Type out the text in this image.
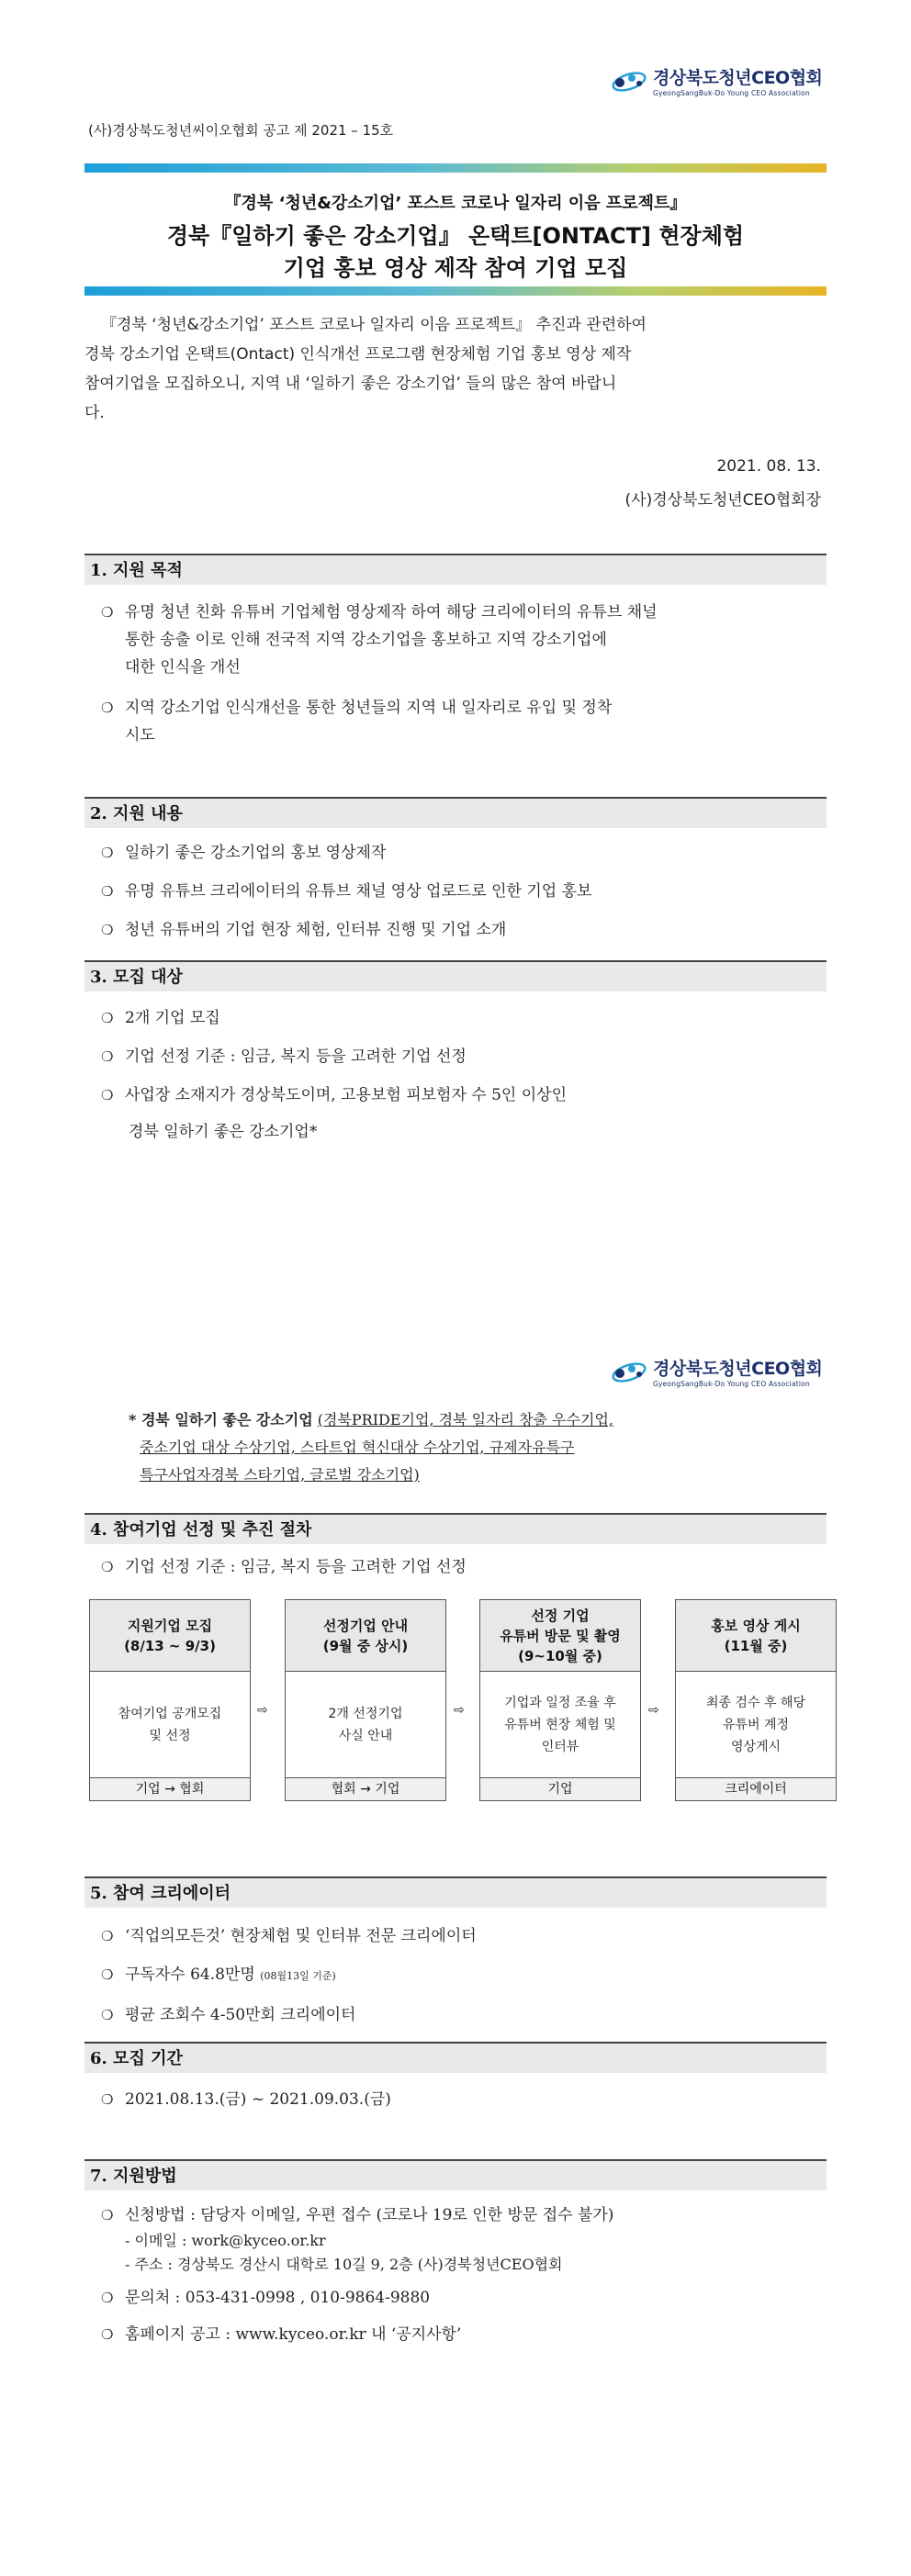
경상북도청년CEO협회
GyeongSangBuk-Do Young CEO Association
(사)경상북도청년씨이오협회 공고 제 2021 – 15호
『경북 ‘청년&강소기업’ 포스트 코로나 일자리 이음 프로젝트』
경북『일하기 좋은 강소기업』 온택트[ONTACT] 현장체험
기업 홍보 영상 제작 참여 기업 모집
『경북 ‘청년&강소기업’ 포스트 코로나 일자리 이음 프로젝트』 추진과 관련하여
경북 강소기업 온택트(Ontact) 인식개선 프로그램 현장체험 기업 홍보 영상 제작
참여기업을 모집하오니, 지역 내 ‘일하기 좋은 강소기업’ 들의 많은 참여 바랍니
다.
2021. 08. 13.
(사)경상북도청년CEO협회장
1. 지원 목적
❍ 유명 청년 친화 유튜버 기업체험 영상제작 하여 해당 크리에이터의 유튜브 채널
통한 송출 이로 인해 전국적 지역 강소기업을 홍보하고 지역 강소기업에
대한 인식을 개선
❍ 지역 강소기업 인식개선을 통한 청년들의 지역 내 일자리로 유입 및 정착
시도
2. 지원 내용
❍ 일하기 좋은 강소기업의 홍보 영상제작
❍ 유명 유튜브 크리에이터의 유튜브 채널 영상 업로드로 인한 기업 홍보
❍ 청년 유튜버의 기업 현장 체험, 인터뷰 진행 및 기업 소개
3. 모집 대상
❍ 2개 기업 모집
❍ 기업 선정 기준 : 임금, 복지 등을 고려한 기업 선정
❍ 사업장 소재지가 경상북도이며, 고용보험 피보험자 수 5인 이상인
경북 일하기 좋은 강소기업*
경상북도청년CEO협회
GyeongSangBuk-Do Young CEO Association
* 경북 일하기 좋은 강소기업 (경북PRIDE기업, 경북 일자리 창출 우수기업,
중소기업 대상 수상기업, 스타트업 혁신대상 수상기업, 규제자유특구
특구사업자경북 스타기업, 글로벌 강소기업)
4. 참여기업 선정 및 추진 절차
❍ 기업 선정 기준 : 임금, 복지 등을 고려한 기업 선정
지원기업 모집
(8/13 ~ 9/3)
참여기업 공개모집
및 선정
기업 → 협회
⇨
선정기업 안내
(9월 중 상시)
2개 선정기업
사실 안내
협회 → 기업
⇨
선정 기업
유튜버 방문 및 촬영
(9~10월 중)
기업과 일정 조율 후
유튜버 현장 체험 및
인터뷰
기업
⇨
홍보 영상 게시
(11월 중)
최종 검수 후 해당
유튜버 계정
영상게시
크리에이터
5. 참여 크리에이터
❍ ‘직업의모든것’ 현장체험 및 인터뷰 전문 크리에이터
❍ 구독자수 64.8만명 (08월13일 기준)
❍ 평균 조회수 4-50만회 크리에이터
6. 모집 기간
❍ 2021.08.13.(금) ~ 2021.09.03.(금)
7. 지원방법
❍ 신청방법 : 담당자 이메일, 우편 접수 (코로나 19로 인한 방문 접수 불가)
- 이메일 : work@kyceo.or.kr
- 주소 : 경상북도 경산시 대학로 10길 9, 2층 (사)경북청년CEO협회
❍ 문의처 : 053-431-0998 , 010-9864-9880
❍ 홈페이지 공고 : www.kyceo.or.kr 내 ‘공지사항’
